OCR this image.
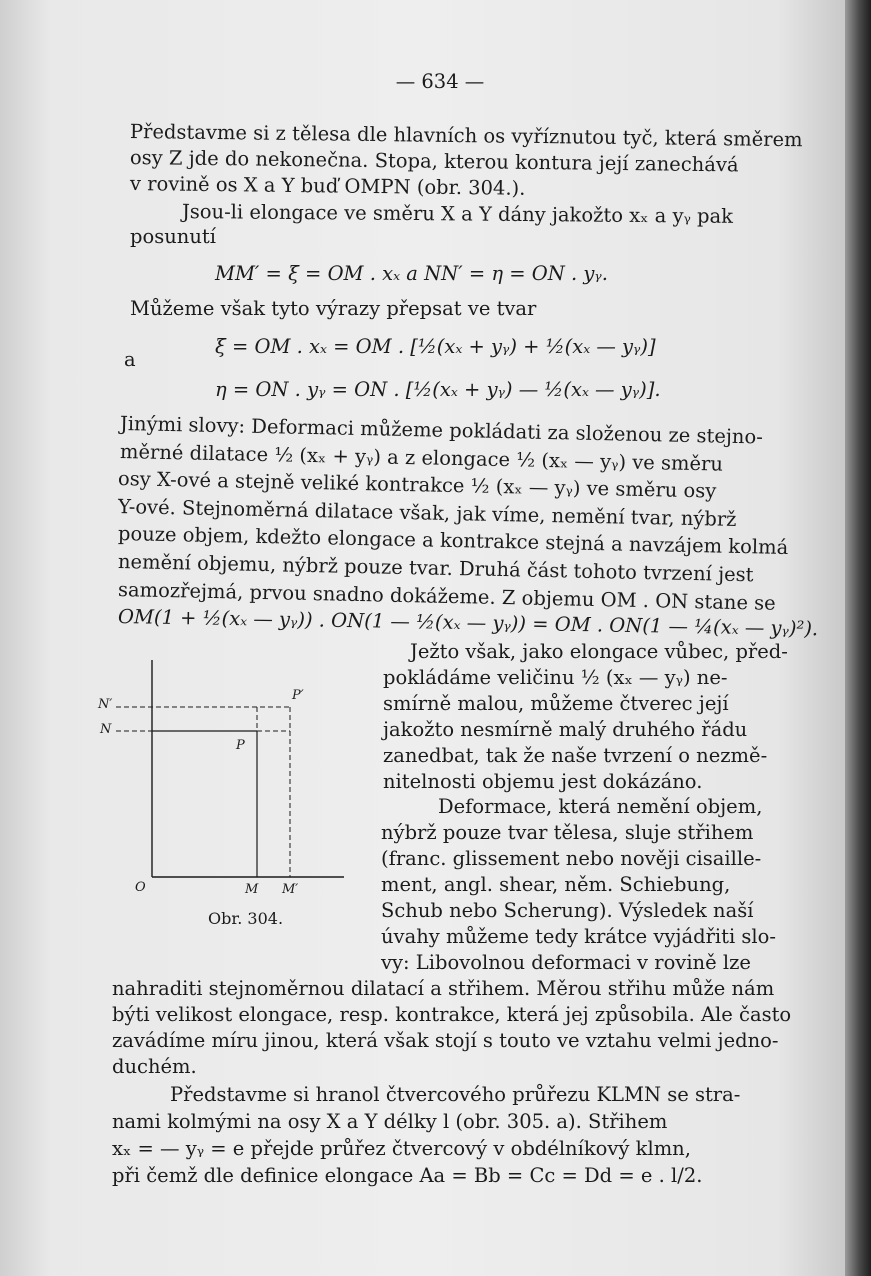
— 634 —
Představme si z tělesa dle hlavních os vyříznutou tyč, která směrem
osy Z jde do nekonečna. Stopa, kterou kontura její zanechává
v rovině os X a Y buď OMPN (obr. 304.).
Jsou-li elongace ve směru X a Y dány jakožto xₓ a yᵧ pak
posunutí
MM′ = ξ = OM . xₓ a NN′ = η = ON . yᵧ.
Můžeme však tyto výrazy přepsat ve tvar
a
ξ = OM . xₓ = OM . [½(xₓ + yᵧ) + ½(xₓ — yᵧ)]
η = ON . yᵧ = ON . [½(xₓ + yᵧ) — ½(xₓ — yᵧ)].
Jinými slovy: Deformaci můžeme pokládati za složenou ze stejno-
měrné dilatace ½ (xₓ + yᵧ) a z elongace ½ (xₓ — yᵧ) ve směru
osy X-ové a stejně veliké kontrakce ½ (xₓ — yᵧ) ve směru osy
Y-ové. Stejnoměrná dilatace však, jak víme, nemění tvar, nýbrž
pouze objem, kdežto elongace a kontrakce stejná a navzájem kolmá
nemění objemu, nýbrž pouze tvar. Druhá část tohoto tvrzení jest
samozřejmá, prvou snadno dokážeme. Z objemu OM . ON stane se
OM(1 + ½(xₓ — yᵧ)) . ON(1 — ½(xₓ — yᵧ)) = OM . ON(1 — ¼(xₓ — yᵧ)²).
Ježto však, jako elongace vůbec, před-
pokládáme veličinu ½ (xₓ — yᵧ) ne-
smírně malou, můžeme čtverec její
jakožto nesmírně malý druhého řádu
zanedbat, tak že naše tvrzení o nezmě-
nitelnosti objemu jest dokázáno.
Deformace, která nemění objem,
nýbrž pouze tvar tělesa, sluje střihem
(franc. glissement nebo nověji cisaille-
ment, angl. shear, něm. Schiebung,
Schub nebo Scherung). Výsledek naší
úvahy můžeme tedy krátce vyjádřiti slo-
vy: Libovolnou deformaci v rovině lze
nahraditi stejnoměrnou dilatací a střihem. Měrou střihu může nám
býti velikost elongace, resp. kontrakce, která jej způsobila. Ale často
zavádíme míru jinou, která však stojí s touto ve vztahu velmi jedno-
duchém.
Představme si hranol čtvercového průřezu KLMN se stra-
nami kolmými na osy X a Y délky l (obr. 305. a). Střihem
xₓ = — yᵧ = e přejde průřez čtvercový v obdélníkový klmn,
při čemž dle definice elongace Aa = Bb = Cc = Dd = e . l/2.
N′
N
P′
P
O	M M′
Obr. 304.
